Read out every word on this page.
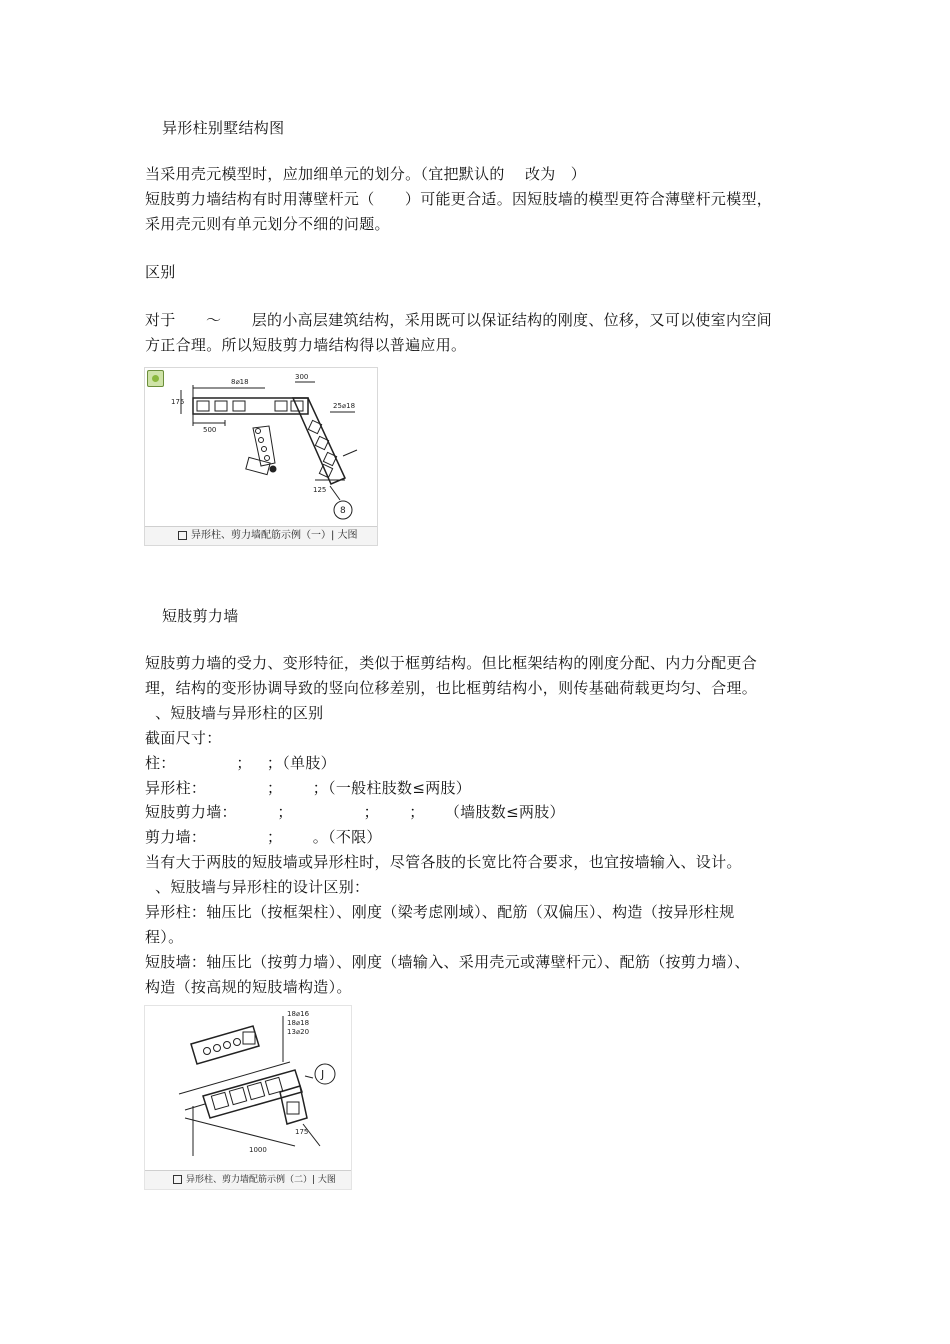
异形柱别墅结构图
当采用壳元模型时，应加细单元的划分。（宜把默认的    改为   ）
短肢剪力墙结构有时用薄壁杆元（      ）可能更合适。因短肢墙的模型更符合薄壁杆元模型，
采用壳元则有单元划分不细的问题。
区别
对于      ～      层的小高层建筑结构，采用既可以保证结构的刚度、位移，又可以使室内空间
方正合理。所以短肢剪力墙结构得以普遍应用。
8⌀18
300
500
25⌀18
125
175
8

异形柱、剪力墙配筋示例（一）| 大图

短肢剪力墙
短肢剪力墙的受力、变形特征，类似于框剪结构。但比框架结构的刚度分配、内力分配更合
理，结构的变形协调导致的竖向位移差别，也比框剪结构小，则传基础荷载更均匀、合理。
、短肢墙与异形柱的区别
截面尺寸：
柱：            ；   ；（单肢）
异形柱：            ；      ；（一般柱肢数≤两肢）
短肢剪力墙：        ；              ；      ；    （墙肢数≤两肢）
剪力墙：            ；      。（不限）
当有大于两肢的短肢墙或异形柱时，尽管各肢的长宽比符合要求，也宜按墙输入、设计。
、短肢墙与异形柱的设计区别：
异形柱：轴压比（按框架柱）、刚度（梁考虑刚域）、配筋（双偏压）、构造（按异形柱规
程）。
短肢墙：轴压比（按剪力墙）、刚度（墙输入、采用壳元或薄壁杆元）、配筋（按剪力墙）、
构造（按高规的短肢墙构造）。
18⌀16
18⌀18
13⌀20
1000
175
J

异形柱、剪力墙配筋示例（二）| 大图
